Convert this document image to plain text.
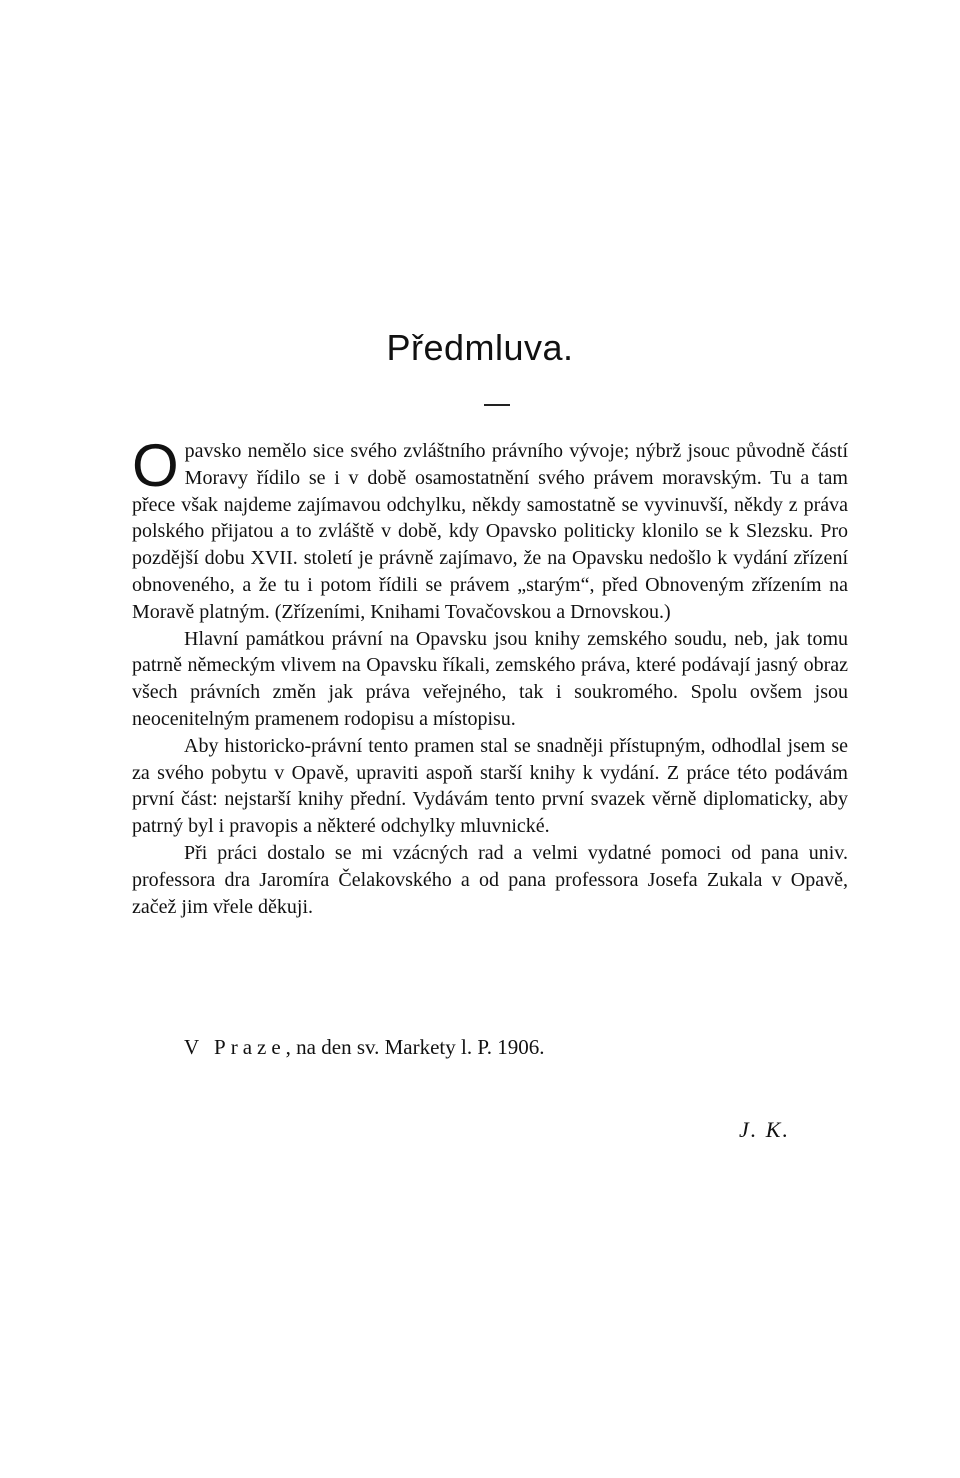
Předmluva.

Opavsko nemělo sice svého zvláštního právního vývoje; nýbrž jsouc původně částí Moravy řídilo se i v době osamostatnění svého právem moravským. Tu a tam přece však najdeme zajímavou odchylku, někdy samostatně se vyvinuvší, někdy z práva polského přijatou a to zvláště v době, kdy Opavsko politicky klonilo se k Slezsku. Pro pozdější dobu XVII. století je právně zajímavo, že na Opavsku nedošlo k vydání zřízení obnoveného, a že tu i potom řídili se právem „starým“, před Obnoveným zřízením na Moravě platným. (Zřízeními, Knihami Tovačovskou a Drnovskou.)

Hlavní památkou právní na Opavsku jsou knihy zemského soudu, neb, jak tomu patrně německým vlivem na Opavsku říkali, zemského práva, které podávají jasný obraz všech právních změn jak práva veřejného, tak i soukromého. Spolu ovšem jsou neocenitelným pramenem rodopisu a místopisu.

Aby historicko-právní tento pramen stal se snadněji přístupným, odhodlal jsem se za svého pobytu v Opavě, upraviti aspoň starší knihy k vydání. Z práce této podávám první část: nejstarší knihy přední. Vydávám tento první svazek věrně diplomaticky, aby patrný byl i pravopis a některé odchylky mluvnické.

Při práci dostalo se mi vzácných rad a velmi vydatné pomoci od pana univ. professora dra Jaromíra Čelakovského a od pana professora Josefa Zukala v Opavě, začež jim vřele děkuji.

V Praze, na den sv. Markety l. P. 1906.

J. K.
